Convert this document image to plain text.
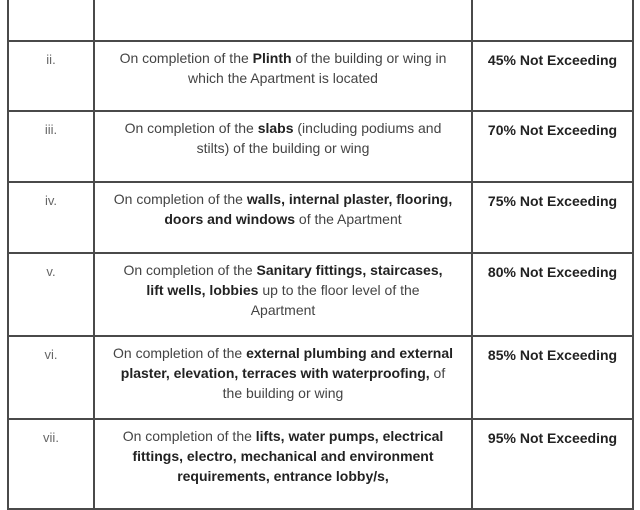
ii.	On completion of the Plinth of the building or wing in which the Apartment is located	45% Not Exceeding
iii.	On completion of the slabs (including podiums and stilts) of the building or wing	70% Not Exceeding
iv.	On completion of the walls, internal plaster, flooring, doors and windows of the Apartment	75% Not Exceeding
v.	On completion of the Sanitary fittings, staircases, lift wells, lobbies up to the floor level of the Apartment	80% Not Exceeding
vi.	On completion of the external plumbing and external plaster, elevation, terraces with waterproofing, of the building or wing	85% Not Exceeding
vii.	On completion of the lifts, water pumps, electrical fittings, electro, mechanical and environment requirements, entrance lobby/s,	95% Not Exceeding
